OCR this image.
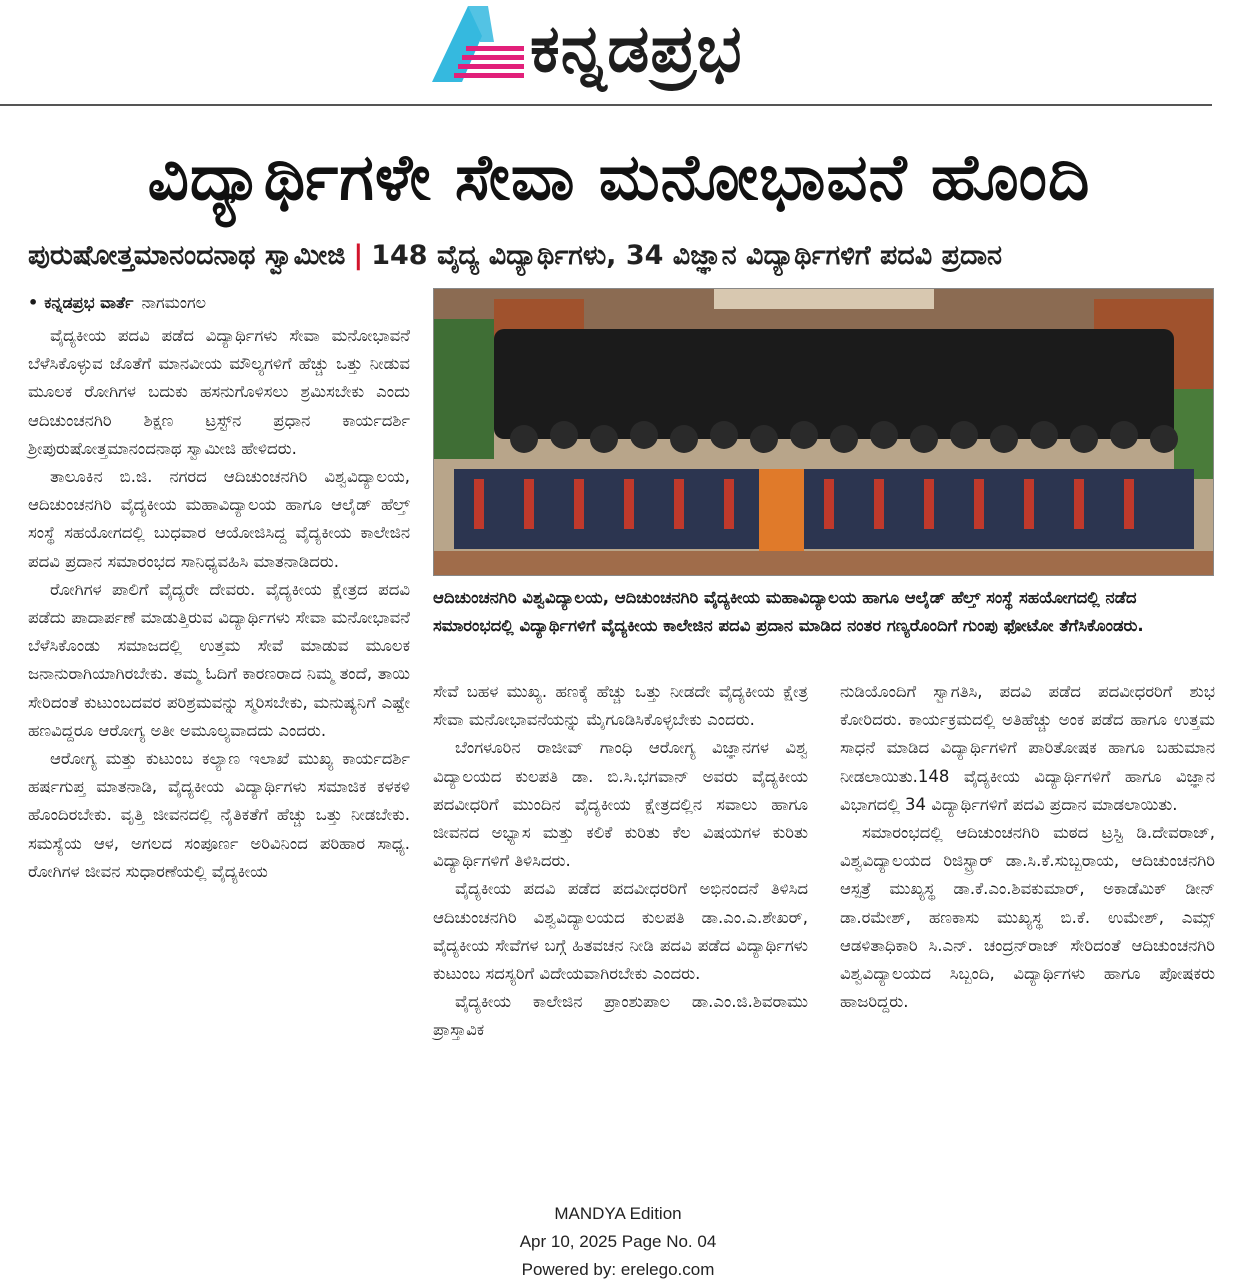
ಕನ್ನಡಪ್ರಭ
ವಿದ್ಯಾರ್ಥಿಗಳೇ ಸೇವಾ ಮನೋಭಾವನೆ ಹೊಂದಿ
ಪುರುಷೋತ್ತಮಾನಂದನಾಥ ಸ್ವಾಮೀಜಿ | 148 ವೈದ್ಯ ವಿದ್ಯಾರ್ಥಿಗಳು, 34 ವಿಜ್ಞಾನ ವಿದ್ಯಾರ್ಥಿಗಳಿಗೆ ಪದವಿ ಪ್ರದಾನ
• ಕನ್ನಡಪ್ರಭ ವಾರ್ತೆ ನಾಗಮಂಗಲ

ವೈದ್ಯಕೀಯ ಪದವಿ ಪಡೆದ ವಿದ್ಯಾರ್ಥಿಗಳು ಸೇವಾ ಮನೋಭಾವನೆ ಬೆಳೆಸಿಕೊಳ್ಳುವ ಜೊತೆಗೆ ಮಾನವೀಯ ಮೌಲ್ಯಗಳಿಗೆ ಹೆಚ್ಚು ಒತ್ತು ನೀಡುವ ಮೂಲಕ ರೋಗಿಗಳ ಬದುಕು ಹಸನುಗೊಳಿಸಲು ಶ್ರಮಿಸಬೇಕು ಎಂದು ಆದಿಚುಂಚನಗಿರಿ ಶಿಕ್ಷಣ ಟ್ರಸ್ಟ್‌ನ ಪ್ರಧಾನ ಕಾರ್ಯದರ್ಶಿ ಶ್ರೀಪುರುಷೋತ್ತಮಾನಂದನಾಥ ಸ್ವಾಮೀಜಿ ಹೇಳಿದರು.

ತಾಲೂಕಿನ ಬಿ.ಜಿ. ನಗರದ ಆದಿಚುಂಚನಗಿರಿ ವಿಶ್ವವಿದ್ಯಾಲಯ, ಆದಿಚುಂಚನಗಿರಿ ವೈದ್ಯಕೀಯ ಮಹಾವಿದ್ಯಾಲಯ ಹಾಗೂ ಆಲೈಡ್ ಹೆಲ್ತ್ ಸಂಸ್ಥೆ ಸಹಯೋಗದಲ್ಲಿ ಬುಧವಾರ ಆಯೋಜಿಸಿದ್ದ ವೈದ್ಯಕೀಯ ಕಾಲೇಜಿನ ಪದವಿ ಪ್ರದಾನ ಸಮಾರಂಭದ ಸಾನಿಧ್ಯವಹಿಸಿ ಮಾತನಾಡಿದರು.

ರೋಗಿಗಳ ಪಾಲಿಗೆ ವೈದ್ಯರೇ ದೇವರು. ವೈದ್ಯಕೀಯ ಕ್ಷೇತ್ರದ ಪದವಿ ಪಡೆದು ಪಾದಾರ್ಪಣೆ ಮಾಡುತ್ತಿರುವ ವಿದ್ಯಾರ್ಥಿಗಳು ಸೇವಾ ಮನೋಭಾವನೆ ಬೆಳೆಸಿಕೊಂಡು ಸಮಾಜದಲ್ಲಿ ಉತ್ತಮ ಸೇವೆ ಮಾಡುವ ಮೂಲಕ ಜನಾನುರಾಗಿಯಾಗಿರಬೇಕು. ತಮ್ಮ ಓದಿಗೆ ಕಾರಣರಾದ ನಿಮ್ಮ ತಂದೆ, ತಾಯಿ ಸೇರಿದಂತೆ ಕುಟುಂಬದವರ ಪರಿಶ್ರಮವನ್ನು ಸ್ಮರಿಸಬೇಕು, ಮನುಷ್ಯನಿಗೆ ಎಷ್ಟೇ ಹಣವಿದ್ದರೂ ಆರೋಗ್ಯ ಅತೀ ಅಮೂಲ್ಯವಾದದು ಎಂದರು.

ಆರೋಗ್ಯ ಮತ್ತು ಕುಟುಂಬ ಕಲ್ಯಾಣ ಇಲಾಖೆ ಮುಖ್ಯ ಕಾರ್ಯದರ್ಶಿ ಹರ್ಷಗುಪ್ತ ಮಾತನಾಡಿ, ವೈದ್ಯಕೀಯ ವಿದ್ಯಾರ್ಥಿಗಳು ಸಮಾಜಿಕ ಕಳಕಳಿ ಹೊಂದಿರಬೇಕು. ವೃತ್ತಿ ಜೀವನದಲ್ಲಿ ನೈತಿಕತೆಗೆ ಹೆಚ್ಚು ಒತ್ತು ನೀಡಬೇಕು. ಸಮಸ್ಯೆಯ ಆಳ, ಅಗಲದ ಸಂಪೂರ್ಣ ಅರಿವಿನಿಂದ ಪರಿಹಾರ ಸಾಧ್ಯ. ರೋಗಿಗಳ ಜೀವನ ಸುಧಾರಣೆಯಲ್ಲಿ ವೈದ್ಯಕೀಯ

ಆದಿಚುಂಚನಗಿರಿ ವಿಶ್ವವಿದ್ಯಾಲಯ, ಆದಿಚುಂಚನಗಿರಿ ವೈದ್ಯಕೀಯ ಮಹಾವಿದ್ಯಾಲಯ ಹಾಗೂ ಆಲೈಡ್ ಹೆಲ್ತ್ ಸಂಸ್ಥೆ ಸಹಯೋಗದಲ್ಲಿ ನಡೆದ ಸಮಾರಂಭದಲ್ಲಿ ವಿದ್ಯಾರ್ಥಿಗಳಿಗೆ ವೈದ್ಯಕೀಯ ಕಾಲೇಜಿನ ಪದವಿ ಪ್ರದಾನ ಮಾಡಿದ ನಂತರ ಗಣ್ಯರೊಂದಿಗೆ ಗುಂಪು ಫೋಟೋ ತೆಗೆಸಿಕೊಂಡರು.

ಸೇವೆ ಬಹಳ ಮುಖ್ಯ. ಹಣಕ್ಕೆ ಹೆಚ್ಚು ಒತ್ತು ನೀಡದೇ ವೈದ್ಯಕೀಯ ಕ್ಷೇತ್ರ ಸೇವಾ ಮನೋಭಾವನೆಯನ್ನು ಮೈಗೂಡಿಸಿಕೊಳ್ಳಬೇಕು ಎಂದರು.

ಬೆಂಗಳೂರಿನ ರಾಜೀವ್ ಗಾಂಧಿ ಆರೋಗ್ಯ ವಿಜ್ಞಾನಗಳ ವಿಶ್ವ ವಿದ್ಯಾಲಯದ ಕುಲಪತಿ ಡಾ. ಬಿ.ಸಿ.ಭಗವಾನ್ ಅವರು ವೈದ್ಯಕೀಯ ಪದವೀಧರಿಗೆ ಮುಂದಿನ ವೈದ್ಯಕೀಯ ಕ್ಷೇತ್ರದಲ್ಲಿನ ಸವಾಲು ಹಾಗೂ ಜೀವನದ ಅಭ್ಯಾಸ ಮತ್ತು ಕಲಿಕೆ ಕುರಿತು ಕೆಲ ವಿಷಯಗಳ ಕುರಿತು ವಿದ್ಯಾರ್ಥಿಗಳಿಗೆ ತಿಳಿಸಿದರು.

ವೈದ್ಯಕೀಯ ಪದವಿ ಪಡೆದ ಪದವೀಧರರಿಗೆ ಅಭಿನಂದನೆ ತಿಳಿಸಿದ ಆದಿಚುಂಚನಗಿರಿ ವಿಶ್ವವಿದ್ಯಾಲಯದ ಕುಲಪತಿ ಡಾ.ಎಂ.ಎ.ಶೇಖರ್, ವೈದ್ಯಕೀಯ ಸೇವೆಗಳ ಬಗ್ಗೆ ಹಿತವಚನ ನೀಡಿ ಪದವಿ ಪಡೆದ ವಿದ್ಯಾರ್ಥಿಗಳು ಕುಟುಂಬ ಸದಸ್ಯರಿಗೆ ವಿದೇಯವಾಗಿರಬೇಕು ಎಂದರು.

ವೈದ್ಯಕೀಯ ಕಾಲೇಜಿನ ಪ್ರಾಂಶುಪಾಲ ಡಾ.ಎಂ.ಜಿ.ಶಿವರಾಮು ಪ್ರಾಸ್ತಾವಿಕ

ನುಡಿಯೊಂದಿಗೆ ಸ್ವಾಗತಿಸಿ, ಪದವಿ ಪಡೆದ ಪದವೀಧರರಿಗೆ ಶುಭ ಕೋರಿದರು. ಕಾರ್ಯಕ್ರಮದಲ್ಲಿ ಅತಿಹೆಚ್ಚು ಅಂಕ ಪಡೆದ ಹಾಗೂ ಉತ್ತಮ ಸಾಧನೆ ಮಾಡಿದ ವಿದ್ಯಾರ್ಥಿಗಳಿಗೆ ಪಾರಿತೋಷಕ ಹಾಗೂ ಬಹುಮಾನ ನೀಡಲಾಯಿತು.148 ವೈದ್ಯಕೀಯ ವಿದ್ಯಾರ್ಥಿಗಳಿಗೆ ಹಾಗೂ ವಿಜ್ಞಾನ ವಿಭಾಗದಲ್ಲಿ 34 ವಿದ್ಯಾರ್ಥಿಗಳಿಗೆ ಪದವಿ ಪ್ರದಾನ ಮಾಡಲಾಯಿತು.

ಸಮಾರಂಭದಲ್ಲಿ ಆದಿಚುಂಚನಗಿರಿ ಮಠದ ಟ್ರಸ್ಟಿ ಡಿ.ದೇವರಾಜ್, ವಿಶ್ವವಿದ್ಯಾಲಯದ ರಿಜಿಸ್ಟ್ರಾರ್ ಡಾ.ಸಿ.ಕೆ.ಸುಬ್ಬರಾಯ, ಆದಿಚುಂಚನಗಿರಿ ಆಸ್ಪತ್ರೆ ಮುಖ್ಯಸ್ಥ ಡಾ.ಕೆ.ಎಂ.ಶಿವಕುಮಾರ್, ಅಕಾಡೆಮಿಕ್ ಡೀನ್ ಡಾ.ರಮೇಶ್, ಹಣಕಾಸು ಮುಖ್ಯಸ್ಥ ಬಿ.ಕೆ. ಉಮೇಶ್, ಎಮ್ಸ್ ಆಡಳಿತಾಧಿಕಾರಿ ಸಿ.ಎನ್. ಚಂದ್ರನ್‌ರಾಜ್ ಸೇರಿದಂತೆ ಆದಿಚುಂಚನಗಿರಿ ವಿಶ್ವವಿದ್ಯಾಲಯದ ಸಿಬ್ಬಂದಿ, ವಿದ್ಯಾರ್ಥಿಗಳು ಹಾಗೂ ಪೋಷಕರು ಹಾಜರಿದ್ದರು.

MANDYA Edition
Apr 10, 2025 Page No. 04
Powered by: erelego.com
